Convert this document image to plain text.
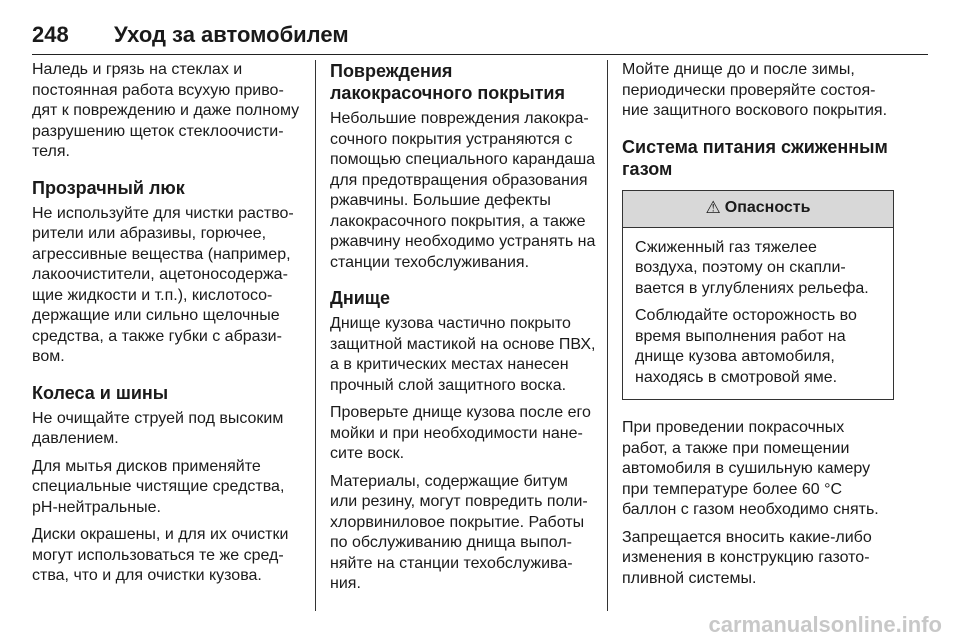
248 Уход за автомобилем

Наледь и грязь на стеклах и постоянная работа всухую приводят к повреждению и даже полному разрушению щеток стеклоочистителя.

Прозрачный люк

Не используйте для чистки растворители или абразивы, горючее, агрессивные вещества (например, лакоочистители, ацетоносодержащие жидкости и т.п.), кислотосодержащие или сильно щелочные средства, а также губки с абразивом.

Колеса и шины

Не очищайте струей под высоким давлением.

Для мытья дисков применяйте специальные чистящие средства, pH-нейтральные.

Диски окрашены, и для их очистки могут использоваться те же средства, что и для очистки кузова.

Повреждения лакокрасочного покрытия

Небольшие повреждения лакокрасочного покрытия устраняются с помощью специального карандаша для предотвращения образования ржавчины. Большие дефекты лакокрасочного покрытия, а также ржавчину необходимо устранять на станции техобслуживания.

Днище

Днище кузова частично покрыто защитной мастикой на основе ПВХ, а в критических местах нанесен прочный слой защитного воска.

Проверьте днище кузова после его мойки и при необходимости нанесите воск.

Материалы, содержащие битум или резину, могут повредить полихлорвиниловое покрытие. Работы по обслуживанию днища выполняйте на станции техобслуживания.

Мойте днище до и после зимы, периодически проверяйте состояние защитного воскового покрытия.

Система питания сжиженным газом
⚠ Опасность

Сжиженный газ тяжелее воздуха, поэтому он скапливается в углублениях рельефа.

Соблюдайте осторожность во время выполнения работ на днище кузова автомобиля, находясь в смотровой яме.

При проведении покрасочных работ, а также при помещении автомобиля в сушильную камеру при температуре более 60 °C баллон с газом необходимо снять.

Запрещается вносить какие-либо изменения в конструкцию газотопливной системы.

carmanualsonline.info
